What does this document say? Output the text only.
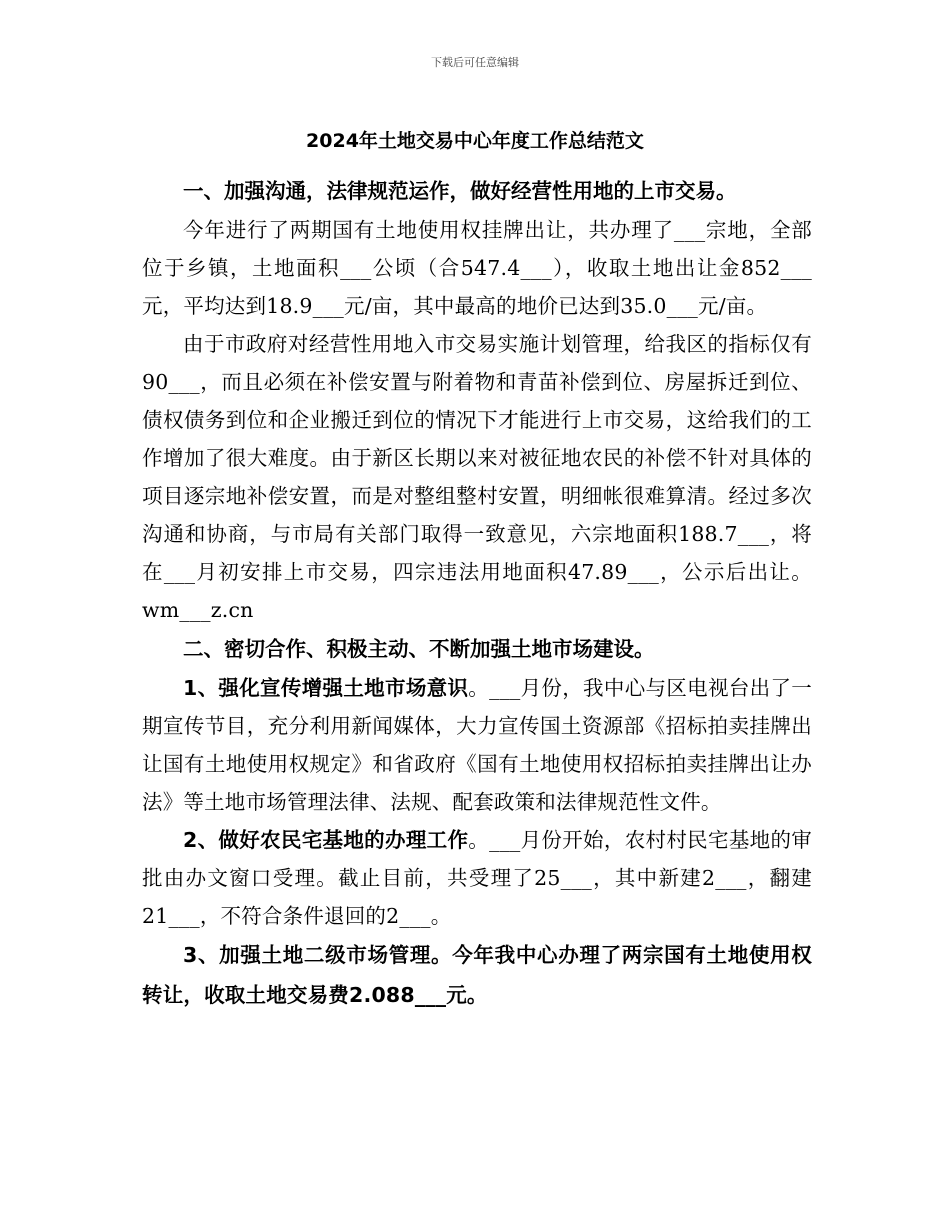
下载后可任意编辑
2024年土地交易中心年度工作总结范文

一、加强沟通，法律规范运作，做好经营性用地的上市交易。

今年进行了两期国有土地使用权挂牌出让，共办理了___宗地，全部位于乡镇，土地面积___公顷（合547.4___），收取土地出让金852___元，平均达到18.9___元/亩，其中最高的地价已达到35.0___元/亩。

由于市政府对经营性用地入市交易实施计划管理，给我区的指标仅有90___，而且必须在补偿安置与附着物和青苗补偿到位、房屋拆迁到位、债权债务到位和企业搬迁到位的情况下才能进行上市交易，这给我们的工作增加了很大难度。由于新区长期以来对被征地农民的补偿不针对具体的项目逐宗地补偿安置，而是对整组整村安置，明细帐很难算清。经过多次沟通和协商，与市局有关部门取得一致意见，六宗地面积188.7___，将在___月初安排上市交易，四宗违法用地面积47.89___，公示后出让。wm___z.cn

二、密切合作、积极主动、不断加强土地市场建设。

1、强化宣传增强土地市场意识。___月份，我中心与区电视台出了一期宣传节目，充分利用新闻媒体，大力宣传国土资源部《招标拍卖挂牌出让国有土地使用权规定》和省政府《国有土地使用权招标拍卖挂牌出让办法》等土地市场管理法律、法规、配套政策和法律规范性文件。

2、做好农民宅基地的办理工作。___月份开始，农村村民宅基地的审批由办文窗口受理。截止目前，共受理了25___，其中新建2___，翻建21___，不符合条件退回的2___。

3、加强土地二级市场管理。今年我中心办理了两宗国有土地使用权转让，收取土地交易费2.088___元。
